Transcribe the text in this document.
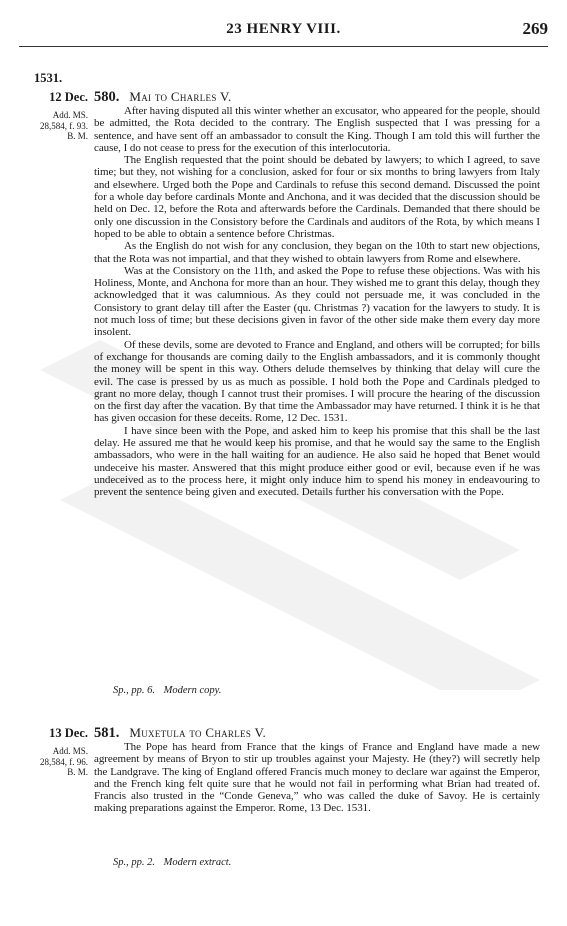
23 HENRY VIII.	269
1531.
12 Dec.
Add. MS.
28,584, f. 93.
B. M.
580. Mai to Charles V.

After having disputed all this winter whether an excusator, who appeared for the people, should be admitted, the Rota decided to the contrary. The English suspected that I was pressing for a sentence, and have sent off an ambassador to consult the King. Though I am told this will further the cause, I do not cease to press for the execution of this interlocutoria.

The English requested that the point should be debated by lawyers; to which I agreed, to save time; but they, not wishing for a conclusion, asked for four or six months to bring lawyers from Italy and elsewhere. Urged both the Pope and Cardinals to refuse this second demand. Discussed the point for a whole day before cardinals Monte and Anchona, and it was decided that the discussion should be held on Dec. 12, before the Rota and afterwards before the Cardinals. Demanded that there should be only one discussion in the Consistory before the Cardinals and auditors of the Rota, by which means I hoped to be able to obtain a sentence before Christmas.

As the English do not wish for any conclusion, they began on the 10th to start new objections, that the Rota was not impartial, and that they wished to obtain lawyers from Rome and elsewhere.

Was at the Consistory on the 11th, and asked the Pope to refuse these objections. Was with his Holiness, Monte, and Anchona for more than an hour. They wished me to grant this delay, though they acknowledged that it was calumnious. As they could not persuade me, it was concluded in the Consistory to grant delay till after the Easter (qu. Christmas ?) vacation for the lawyers to study. It is not much loss of time; but these decisions given in favor of the other side make them every day more insolent.

Of these devils, some are devoted to France and England, and others will be corrupted; for bills of exchange for thousands are coming daily to the English ambassadors, and it is commonly thought the money will be spent in this way. Others delude themselves by thinking that delay will cure the evil. The case is pressed by us as much as possible. I hold both the Pope and Cardinals pledged to grant no more delay, though I cannot trust their promises. I will procure the hearing of the discussion on the first day after the vacation. By that time the Ambassador may have returned. I think it is he that has given occasion for these deceits. Rome, 12 Dec. 1531.

I have since been with the Pope, and asked him to keep his promise that this shall be the last delay. He assured me that he would keep his promise, and that he would say the same to the English ambassadors, who were in the hall waiting for an audience. He also said he hoped that Benet would undeceive his master. Answered that this might produce either good or evil, because even if he was undeceived as to the process here, it might only induce him to spend his money in endeavouring to prevent the sentence being given and executed. Details further his conversation with the Pope.

Sp., pp. 6. Modern copy.
13 Dec.
Add. MS.
28,584, f. 96.
B. M.
581. Muxetula to Charles V.

The Pope has heard from France that the kings of France and England have made a new agreement by means of Bryon to stir up troubles against your Majesty. He (they?) will secretly help the Landgrave. The king of England offered Francis much money to declare war against the Emperor, and the French king felt quite sure that he would not fail in performing what Brian had treated of. Francis also trusted in the “Conde Geneva,” who was called the duke of Savoy. He is certainly making preparations against the Emperor. Rome, 13 Dec. 1531.

Sp., pp. 2. Modern extract.
